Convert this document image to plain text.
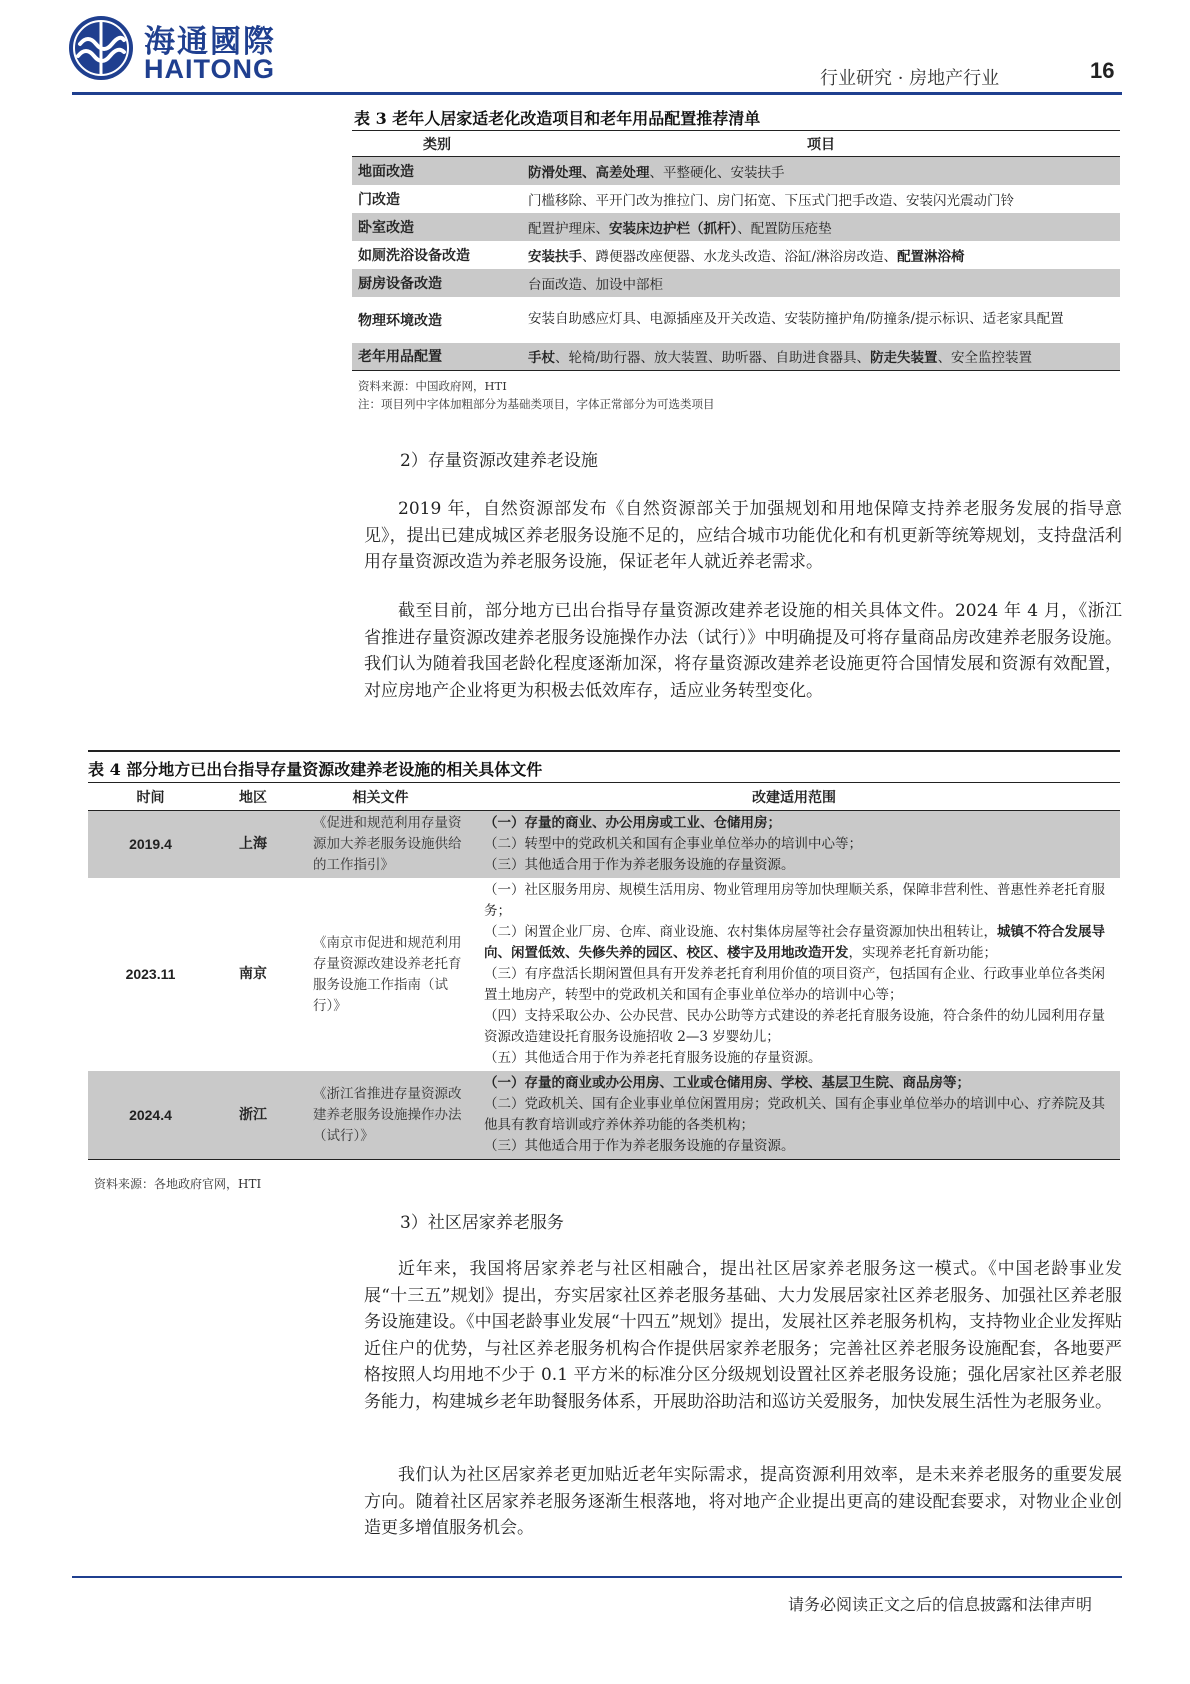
海通國際
HAITONG	行业研究 · 房地产行业	16
表 3 老年人居家适老化改造项目和老年用品配置推荐清单
类别	项目
地面改造	防滑处理、高差处理、平整硬化、安装扶手
门改造	门槛移除、平开门改为推拉门、房门拓宽、下压式门把手改造、安装闪光震动门铃
卧室改造	配置护理床、安装床边护栏（抓杆）、配置防压疮垫
如厕洗浴设备改造	安装扶手、蹲便器改座便器、水龙头改造、浴缸/淋浴房改造、配置淋浴椅
厨房设备改造	台面改造、加设中部柜
物理环境改造	安装自助感应灯具、电源插座及开关改造、安装防撞护角/防撞条/提示标识、适老家具配置
老年用品配置	手杖、轮椅/助行器、放大装置、助听器、自助进食器具、防走失装置、安全监控装置
资料来源：中国政府网，HTI
注：项目列中字体加粗部分为基础类项目，字体正常部分为可选类项目
2）存量资源改建养老设施

2019 年，自然资源部发布《自然资源部关于加强规划和用地保障支持养老服务发展的指导意见》，提出已建成城区养老服务设施不足的，应结合城市功能优化和有机更新等统筹规划，支持盘活利用存量资源改造为养老服务设施，保证老年人就近养老需求。

截至目前，部分地方已出台指导存量资源改建养老设施的相关具体文件。2024 年 4 月，《浙江省推进存量资源改建养老服务设施操作办法（试行）》中明确提及可将存量商品房改建养老服务设施。我们认为随着我国老龄化程度逐渐加深，将存量资源改建养老设施更符合国情发展和资源有效配置，对应房地产企业将更为积极去低效库存，适应业务转型变化。

表 4 部分地方已出台指导存量资源改建养老设施的相关具体文件
时间	地区	相关文件	改建适用范围
2019.4	上海	《促进和规范利用存量资源加大养老服务设施供给的工作指引》	（一）存量的商业、办公用房或工业、仓储用房；
（二）转型中的党政机关和国有企事业单位举办的培训中心等；
（三）其他适合用于作为养老服务设施的存量资源。

2023.11	南京	《南京市促进和规范利用存量资源改建设养老托育服务设施工作指南（试行）》	（一）社区服务用房、规模生活用房、物业管理用房等加快理顺关系，保障非营利性、普惠性养老托育服务；
（二）闲置企业厂房、仓库、商业设施、农村集体房屋等社会存量资源加快出租转让，城镇不符合发展导向、闲置低效、失修失养的园区、校区、楼宇及用地改造开发，实现养老托育新功能；
（三）有序盘活长期闲置但具有开发养老托育利用价值的项目资产，包括国有企业、行政事业单位各类闲置土地房产，转型中的党政机关和国有企事业单位举办的培训中心等；
（四）支持采取公办、公办民营、民办公助等方式建设的养老托育服务设施，符合条件的幼儿园利用存量资源改造建设托育服务设施招收 2—3 岁婴幼儿；
（五）其他适合用于作为养老托育服务设施的存量资源。

2024.4	浙江	《浙江省推进存量资源改建养老服务设施操作办法（试行）》	（一）存量的商业或办公用房、工业或仓储用房、学校、基层卫生院、商品房等；
（二）党政机关、国有企业事业单位闲置用房；党政机关、国有企事业单位举办的培训中心、疗养院及其他具有教育培训或疗养休养功能的各类机构；
（三）其他适合用于作为养老服务设施的存量资源。
资料来源：各地政府官网，HTI
3）社区居家养老服务

近年来，我国将居家养老与社区相融合，提出社区居家养老服务这一模式。《中国老龄事业发展“十三五”规划》提出，夯实居家社区养老服务基础、大力发展居家社区养老服务、加强社区养老服务设施建设。《中国老龄事业发展“十四五”规划》提出，发展社区养老服务机构，支持物业企业发挥贴近住户的优势，与社区养老服务机构合作提供居家养老服务；完善社区养老服务设施配套，各地要严格按照人均用地不少于 0.1 平方米的标准分区分级规划设置社区养老服务设施；强化居家社区养老服务能力，构建城乡老年助餐服务体系，开展助浴助洁和巡访关爱服务，加快发展生活性为老服务业。

我们认为社区居家养老更加贴近老年实际需求，提高资源利用效率，是未来养老服务的重要发展方向。随着社区居家养老服务逐渐生根落地，将对地产企业提出更高的建设配套要求，对物业企业创造更多增值服务机会。

请务必阅读正文之后的信息披露和法律声明
